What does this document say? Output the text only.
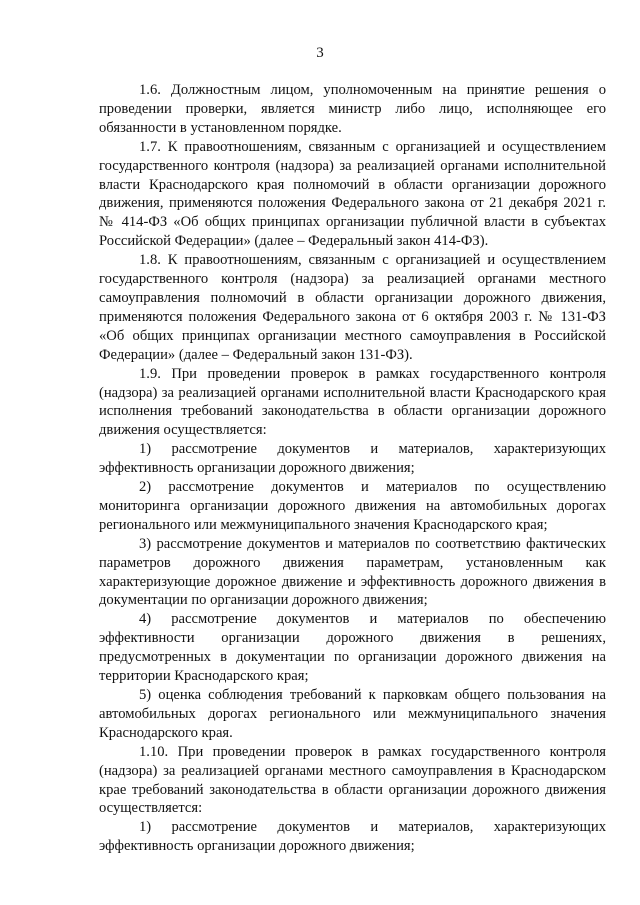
3

1.6. Должностным лицом, уполномоченным на принятие решения о проведении проверки, является министр либо лицо, исполняющее его обязанности в установленном порядке.

1.7. К правоотношениям, связанным с организацией и осуществлением государственного контроля (надзора) за реализацией органами исполнительной власти Краснодарского края полномочий в области организации дорожного движения, применяются положения Федерального закона от 21 декабря 2021 г. № 414-ФЗ «Об общих принципах организации публичной власти в субъектах Российской Федерации» (далее – Федеральный закон 414-ФЗ).

1.8. К правоотношениям, связанным с организацией и осуществлением государственного контроля (надзора) за реализацией органами местного самоуправления полномочий в области организации дорожного движения, применяются положения Федерального закона от 6 октября 2003 г. № 131-ФЗ «Об общих принципах организации местного самоуправления в Российской Федерации» (далее – Федеральный закон 131-ФЗ).

1.9. При проведении проверок в рамках государственного контроля (надзора) за реализацией органами исполнительной власти Краснодарского края исполнения требований законодательства в области организации дорожного движения осуществляется:

1) рассмотрение документов и материалов, характеризующих эффективность организации дорожного движения;

2) рассмотрение документов и материалов по осуществлению мониторинга организации дорожного движения на автомобильных дорогах регионального или межмуниципального значения Краснодарского края;

3) рассмотрение документов и материалов по соответствию фактических параметров дорожного движения параметрам, установленным как характеризующие дорожное движение и эффективность дорожного движения в документации по организации дорожного движения;

4) рассмотрение документов и материалов по обеспечению эффективности организации дорожного движения в решениях, предусмотренных в документации по организации дорожного движения на территории Краснодарского края;

5) оценка соблюдения требований к парковкам общего пользования на автомобильных дорогах регионального или межмуниципального значения Краснодарского края.

1.10. При проведении проверок в рамках государственного контроля (надзора) за реализацией органами местного самоуправления в Краснодарском крае требований законодательства в области организации дорожного движения осуществляется:

1) рассмотрение документов и материалов, характеризующих эффективность организации дорожного движения;
